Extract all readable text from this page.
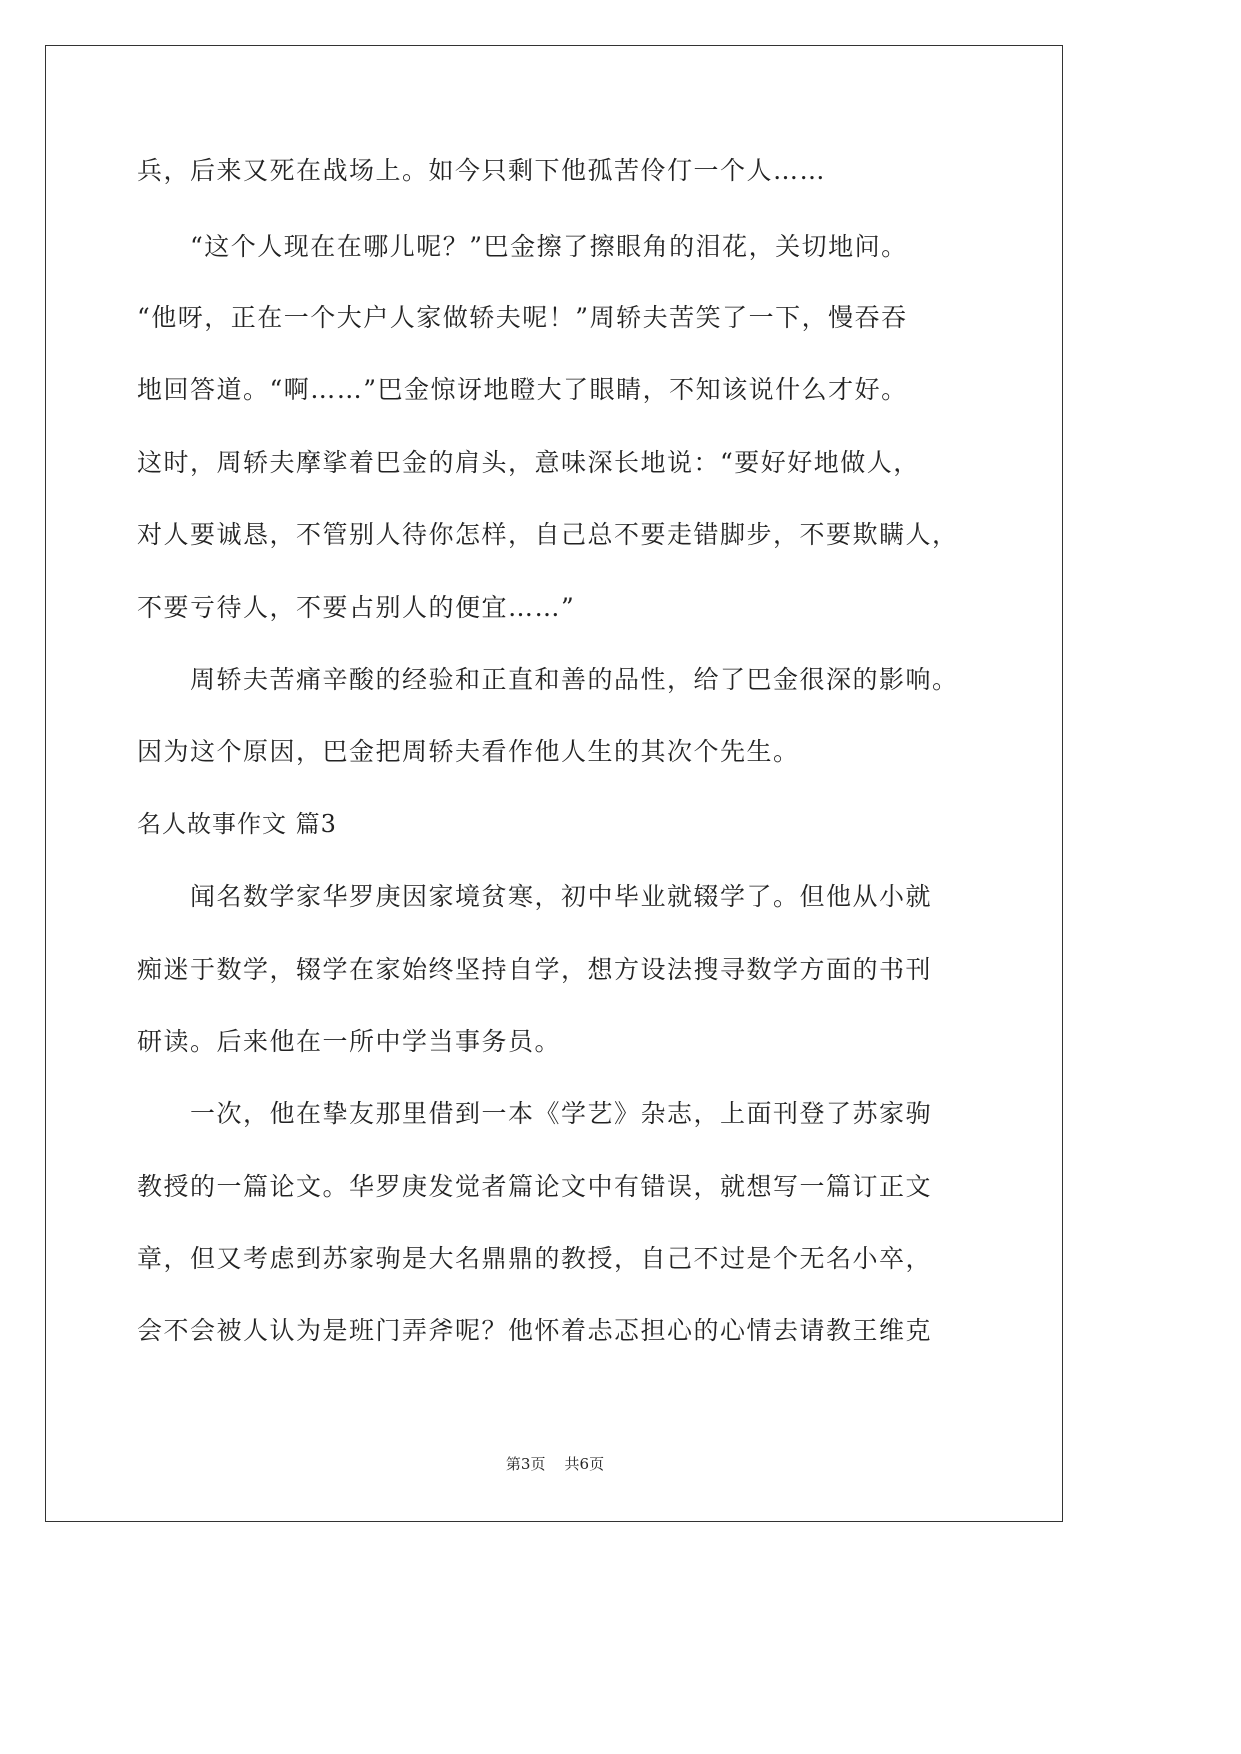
兵，后来又死在战场上。如今只剩下他孤苦伶仃一个人……

“这个人现在在哪儿呢？”巴金擦了擦眼角的泪花，关切地问。

“他呀，正在一个大户人家做轿夫呢！”周轿夫苦笑了一下，慢吞吞

地回答道。“啊……”巴金惊讶地瞪大了眼睛，不知该说什么才好。

这时，周轿夫摩挲着巴金的肩头，意味深长地说：“要好好地做人，

对人要诚恳，不管别人待你怎样，自己总不要走错脚步，不要欺瞒人，

不要亏待人，不要占别人的便宜……”

周轿夫苦痛辛酸的经验和正直和善的品性，给了巴金很深的影响。

因为这个原因，巴金把周轿夫看作他人生的其次个先生。

名人故事作文 篇3

闻名数学家华罗庚因家境贫寒，初中毕业就辍学了。但他从小就

痴迷于数学，辍学在家始终坚持自学，想方设法搜寻数学方面的书刊

研读。后来他在一所中学当事务员。

一次，他在挚友那里借到一本《学艺》杂志，上面刊登了苏家驹

教授的一篇论文。华罗庚发觉者篇论文中有错误，就想写一篇订正文

章，但又考虑到苏家驹是大名鼎鼎的教授，自己不过是个无名小卒，

会不会被人认为是班门弄斧呢？他怀着忐忑担心的心情去请教王维克

第3页    共6页
